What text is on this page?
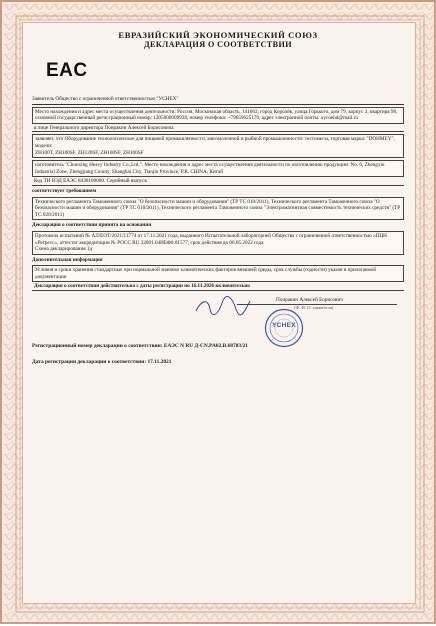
ЕВРАЗИЙСКИЙ ЭКОНОМИЧЕСКИЙ СОЮЗ
ДЕКЛАРАЦИЯ О СООТВЕТСТВИИ
EAC
Заявитель Общество с ограниченной ответственностью "УСНЕХ"
Место нахождения и адрес места осуществления деятельности: Россия, Московская область, 141062, город Королёв, улица Горького, дом 79, корпус 2, квартира 98, основной государственный регистрационный номер: 1205000009938, номер телефона: +79659625170, адрес электронной почты: uycnehd@mail.ru
в лице Генерального директора Поиракин Алексей Борисовича
заявляет, что Оборудование технологическое для пищевой промышленности, мясомолочной и рыбной промышленности: тестомесы, торговая марка: "DOHMEY", модели:
ZH100T, ZH100SF, ZH120SF, ZH100SF, ZH100SF
изготовитель "Chunxing Heavy Industry Co.,Ltd.". Место нахождения и адрес места осуществления деятельности по изготовлению продукции: No. 6, Zhengxiu Industrial Zone, Zhengjiang County, Shanghai City, Tianjin Province, P.R. CHINA, Китай
Код ТН ВЭД ЕАЭС 8438100000. Серийный выпуск
соответствует требованиям
Технического регламента Таможенного союза "О безопасности машин и оборудования" (ТР ТС 010/2011), Технического регламента Таможенного союза "О безопасности машин и оборудования" (ТР ТС 010/2011), Технического регламента Таможенного союза "Электромагнитная совместимость технических средств" (ТР ТС 020/2011)
Декларация о соответствии принята на основании
Протокола испытаний № АЛ/ЕОТ/2021/11774 от 17.11.2021 года, выданного Испытательной лабораторией Общества с ограниченной ответственностью «ПЦН «Регресс», аттестат аккредитации № РОСС RU.32001.04ИБФ0.01577, срок действия до 06.05.2022 года
Схема декларирования 1д
Дополнительная информация
Условия и сроки хранения стандартные при нормальной значимо климатических факторов внешней среды, срок службы (годности) указан в прилагаемой документации
Декларация о соответствии действительна с даты регистрации по 16.11.2026 включительно
Поиракин Алексей Борисович
(Ф. И. О. заявителя)
YCHEX
Регистрационный номер декларации о соответствии: ЕАЭС N RU Д-CN.PA02.B.68783/21
Дата регистрации декларации о соответствии: 17.11.2021
